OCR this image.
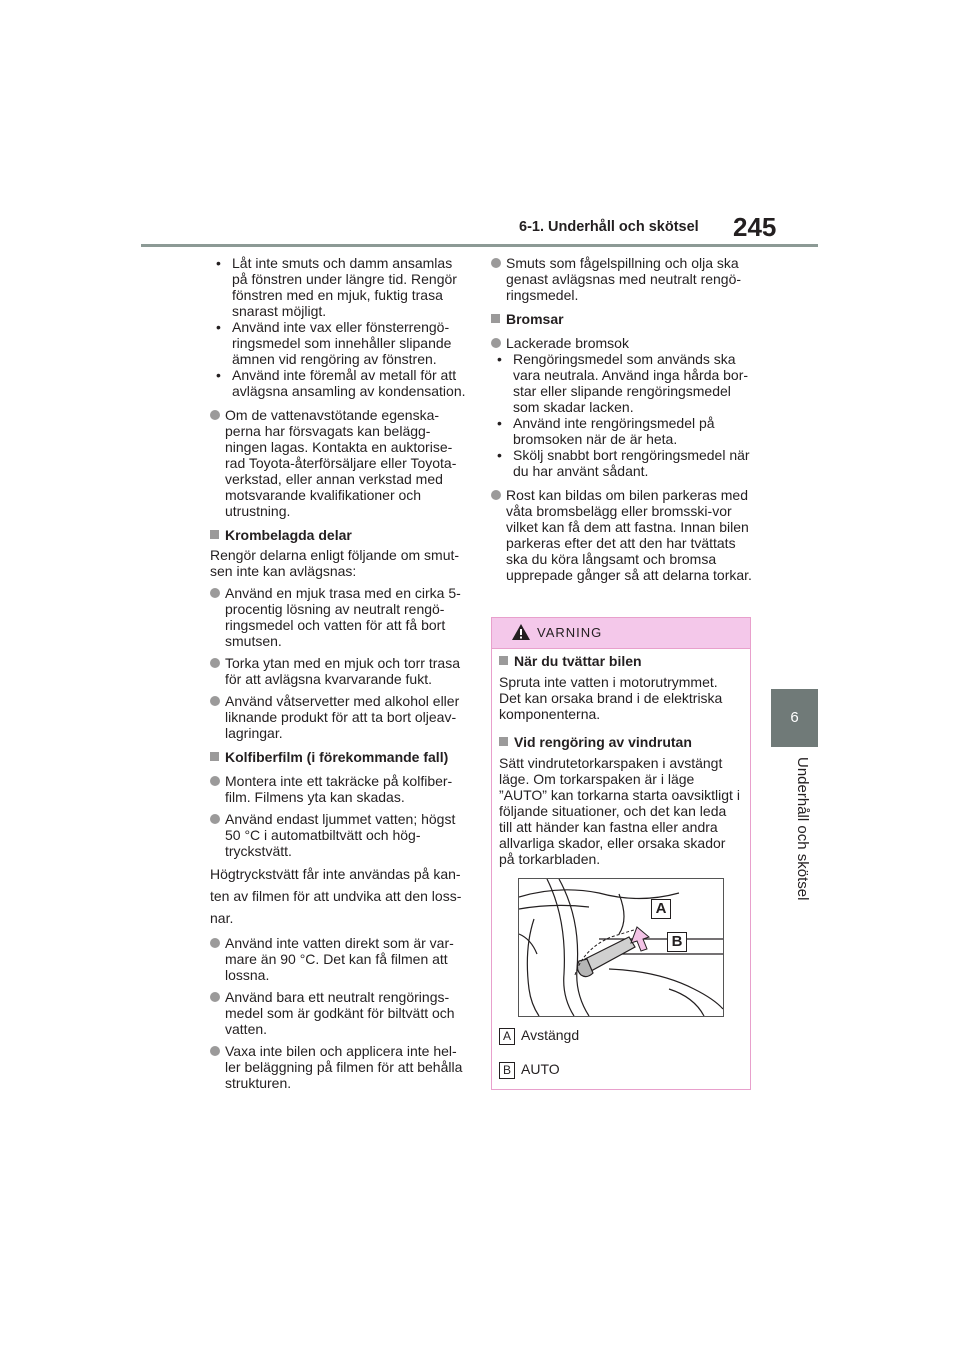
6-1. Underhåll och skötsel 245
6
Underhåll och skötsel

• Låt inte smuts och damm ansamlas på fönstren under längre tid. Rengör fönstren med en mjuk, fuktig trasa snarast möjligt.

• Använd inte vax eller fönsterrengö-ringsmedel som innehåller slipande ämnen vid rengöring av fönstren.

• Använd inte föremål av metall för att avlägsna ansamling av kondensation.

Om de vattenavstötande egenska-perna har försvagats kan belägg-ningen lagas. Kontakta en auktorise-rad Toyota-återförsäljare eller Toyota-verkstad, eller annan verkstad med motsvarande kvalifikationer och utrustning.

Krombelagda delar

Rengör delarna enligt följande om smut-sen inte kan avlägsnas:

Använd en mjuk trasa med en cirka 5-procentig lösning av neutralt rengö-ringsmedel och vatten för att få bort smutsen.

Torka ytan med en mjuk och torr trasa för att avlägsna kvarvarande fukt.

Använd våtservetter med alkohol eller liknande produkt för att ta bort oljeav-lagringar.

Kolfiberfilm (i förekommande fall)

Montera inte ett takräcke på kolfiber-film. Filmens yta kan skadas.

Använd endast ljummet vatten; högst 50 °C i automatbiltvätt och hög-tryckstvätt.

Högtryckstvätt får inte användas på kan-ten av filmen för att undvika att den loss-nar.

Använd inte vatten direkt som är var-mare än 90 °C. Det kan få filmen att lossna.

Använd bara ett neutralt rengörings-medel som är godkänt för biltvätt och vatten.

Vaxa inte bilen och applicera inte hel-ler beläggning på filmen för att behålla strukturen.

Smuts som fågelspillning och olja ska genast avlägsnas med neutralt rengö-ringsmedel.

Bromsar

Lackerade bromsok

• Rengöringsmedel som används ska vara neutrala. Använd inga hårda bor-star eller slipande rengöringsmedel som skadar lacken.

• Använd inte rengöringsmedel på bromsoken när de är heta.

• Skölj snabbt bort rengöringsmedel när du har använt sådant.

Rost kan bildas om bilen parkeras med våta bromsbelägg eller bromsski-vor vilket kan få dem att fastna. Innan bilen parkeras efter det att den har tvättats ska du köra långsamt och bromsa upprepade gånger så att delarna torkar.

VARNING

När du tvättar bilen

Spruta inte vatten i motorutrymmet. Det kan orsaka brand i de elektriska komponenterna.

Vid rengöring av vindrutan

Sätt vindrutetorkarspaken i avstängt läge. Om torkarspaken är i läge ”AUTO” kan torkarna starta oavsiktligt i följande situationer, och det kan leda till att händer kan fastna eller andra allvarliga skador, eller orsaka skador på torkarbladen.

A
B
A Avstängd
B AUTO
